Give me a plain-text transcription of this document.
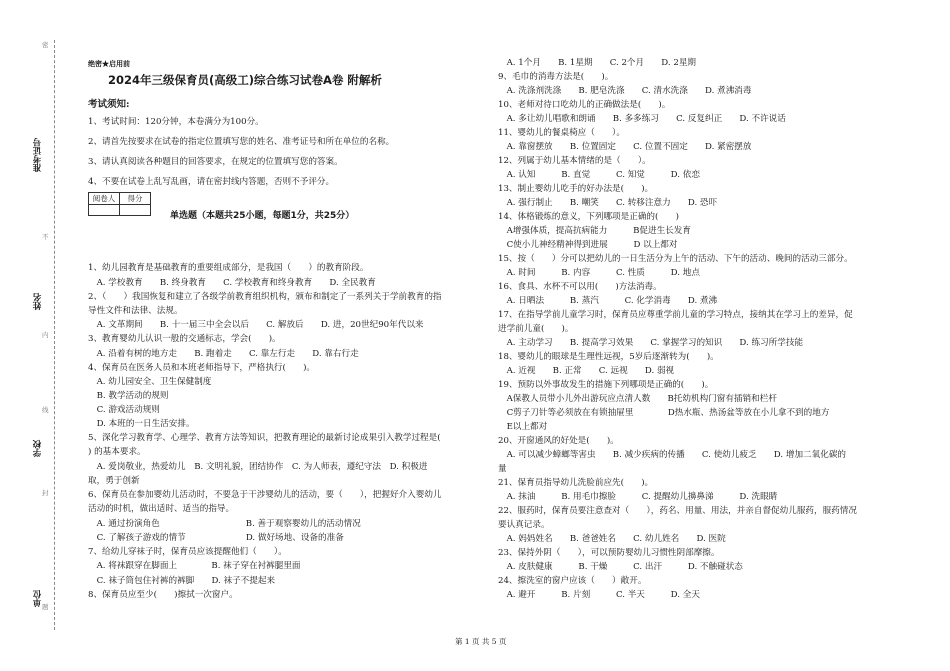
密
不
内
线
封
题
准考证号
姓名
学校
单位
绝密★启用前
2024年三级保育员(高级工)综合练习试卷A卷 附解析
考试须知:
1、考试时间：120分钟，本卷满分为100分。
2、请首先按要求在试卷的指定位置填写您的姓名、准考证号和所在单位的名称。
3、请认真阅读各种题目的回答要求，在规定的位置填写您的答案。
4、不要在试卷上乱写乱画，请在密封线内答题，否则不予评分。
阅卷人	得分

单选题（本题共25小题，每题1分，共25分）
1、幼儿园教育是基础教育的重要组成部分，是我国（　　）的教育阶段。
　A. 学校教育　　B. 终身教育　　C. 学校教育和终身教育　　D. 全民教育
2、（　　）我国恢复和建立了各级学前教育组织机构，颁布和制定了一系列关于学前教育的指
导性文件和法律、法规。
　A. 文革期间　　B. 十一届三中全会以后　　C. 解放后　　D. 进，20世纪90年代以来
3、教育婴幼儿认识一般的交通标志，学会(　　)。
　A. 沿着有树的地方走　　B. 跑着走　　C. 靠左行走　　D. 靠右行走
4、保育员在医务人员和本班老师指导下，严格执行(　　)。
　A. 幼儿园安全、卫生保健制度
　B. 教学活动的规则
　C. 游戏活动规则
　D. 本班的一日生活安排。
5、深化学习教育学、心理学、教育方法等知识，把教育理论的最新讨论成果引入教学过程是(
) 的基本要求。
　A. 爱岗敬业，热爱幼儿　B. 文明礼貌，团结协作　C. 为人师表，遵纪守法　D. 积极进
取，勇于创新
6、保育员在参加婴幼儿活动时，不要急于干涉婴幼儿的活动，要（　　），把握好介入婴幼儿
活动的时机，做出适时、适当的指导。
　A. 通过扮演角色　　　　　　　　　　B. 善于观察婴幼儿的活动情况
　C. 了解孩子游戏的情节　　　　　　　D. 做好场地、设备的准备
7、给幼儿穿袜子时，保育员应该提醒他们（　　）。
　A. 将袜跟穿在脚面上　　　　B. 袜子穿在衬裤腿里面
　C. 袜子筒包住衬裤的裤脚　　D. 袜子不提起来
8、保育员应至少(　　)擦拭一次窗户。
　A. 1个月　　B. 1星期　　C. 2个月　　D. 2星期
9、毛巾的消毒方法是(　　)。
　A. 洗涤剂洗涤　　B. 肥皂洗涤　　C. 清水洗涤　　D. 煮沸消毒
10、老师对待口吃幼儿的正确做法是(　　)。
　A. 多让幼儿唱歌和朗诵　　B. 多多练习　　C. 反复纠正　　D. 不许说话
11、婴幼儿的餐桌椅应（　　）。
　A. 靠窗摆放　　B. 位置固定　　C. 位置不固定　　D. 紧密摆放
12、列属于幼儿基本情绪的是（　　）。
　A. 认知　　　B. 直觉　　　C. 知觉　　　D. 依恋
13、制止婴幼儿吃手的好办法是(　　)。
　A. 强行制止　　B. 嘲笑　　C. 转移注意力　　D. 恐吓
14、体格锻炼的意义，下列哪项是正确的(　　)
　A增强体质，提高抗病能力　　　B促进生长发育
　C使小儿神经精神得到进展　　　D 以上都对
15、按（　　）分可以把幼儿的一日生活分为上午的活动、下午的活动、晚间的活动三部分。
　A. 时间　　　B. 内容　　　C. 性质　　　D. 地点
16、食具、水杯不可以用(　　)方法消毒。
　A. 日晒法　　　B. 蒸汽　　　C. 化学消毒　　D. 煮沸
17、在指导学前儿童学习时，保育员应尊重学前儿童的学习特点，接纳其在学习上的差异，促
进学前儿童(　　)。
　A. 主动学习　　B. 提高学习效果　　C. 掌握学习的知识　　D. 练习所学技能
18、婴幼儿的眼球是生理性远视，5岁后逐渐转为(　　)。
　A. 近视　　B. 正常　　C. 远视　　D. 弱视
19、预防以外事故发生的措施下列哪项是正确的(　　)。
　A保教人员带小儿外出游玩应点清人数　　B托幼机构门窗有插销和栏杆
　C剪子刀针等必须放在有锁抽屉里　　　　D热水瓶、热汤盆等放在小儿拿不到的地方
　E以上都对
20、开窗通风的好处是(　　)。
　A. 可以减少蟑螂等害虫　　B. 减少疾病的传播　　C. 使幼儿疲乏　　D. 增加二氧化碳的
量
21、保育员指导幼儿洗脸前应先(　　)。
　A. 抹油　　　B. 用毛巾擦脸　　　C. 提醒幼儿擤鼻涕　　　D. 洗眼睛
22、服药时，保育员要注意查对（　　），药名、用量、用法，并亲自督促幼儿服药，服药情况
要认真记录。
　A. 妈妈姓名　　B. 爸爸姓名　　C. 幼儿姓名　　D. 医院
23、保持外阴（　　），可以预防婴幼儿习惯性阴部摩擦。
　A. 皮肤健康　　　B. 干燥　　　C. 出汗　　　D. 不触碰状态
24、擦洗室的窗户应该（　　）敞开。
　A. 避开　　　B. 片刻　　　C. 半天　　　D. 全天
第 1 页 共 5 页
